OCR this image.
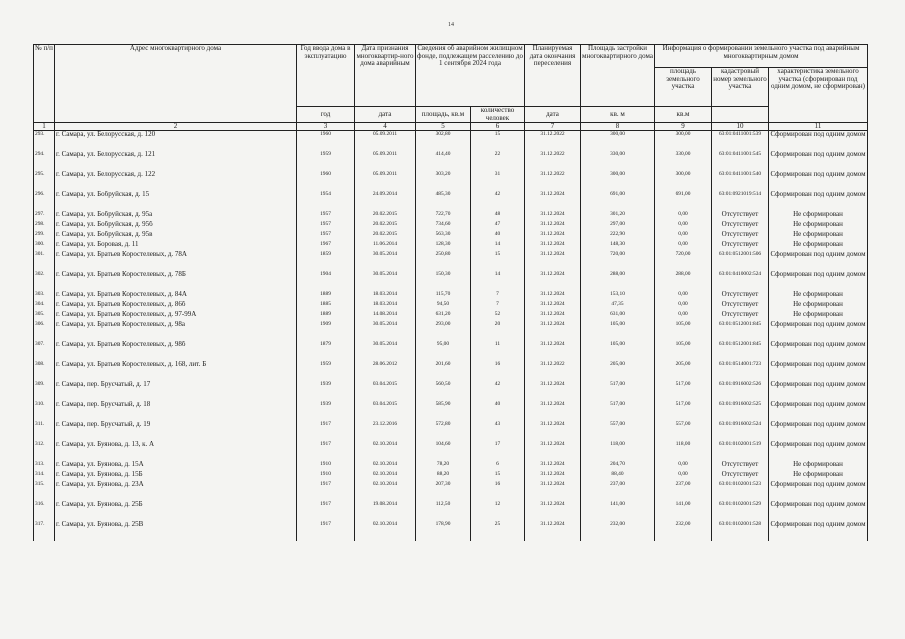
14
№ п/п	Адрес многоквартирного дома	Год ввода дома в эксплуатацию	Дата признания многоквартир-ного дома аварийным	Сведения об аварийном жилищном фонде, подлежащем расселению до 1 сентября 2024 года		Планируемая дата окончания переселения	Площадь застройки многоквартирного дома	Информация о формировании земельного участка под аварийным многоквартирным домом		
								площадь земельного участка	кадастровый номер земельного участка	характеристика земельного участка (сформирован под одним домом, не сформирован)
		год	дата	площадь, кв.м	количество человек	дата	кв. м	кв.м		
1	2	3	4	5	6	7	8	9	10	11
293.	г. Самара, ул. Белорусская, д. 120	1960	05.09.2011	302,80	15	31.12.2022	300,00	300,00	63:01:0411001:539	Сформирован под одним домом
294.	г. Самара, ул. Белорусская, д. 121	1959	05.09.2011	414,40	22	31.12.2022	330,00	330,00	63:01:0411001:545	Сформирован под одним домом
295.	г. Самара, ул. Белорусская, д. 122	1960	05.09.2011	303,20	31	31.12.2022	300,00	300,00	63:01:0411001:540	Сформирован под одним домом
296.	г. Самара, ул. Бобруйская, д. 15	1954	24.09.2014	485,30	42	31.12.2024	691,00	691,00	63:01:0921019:514	Сформирован под одним домом
297.	г. Самара, ул. Бобруйская, д. 95а	1957	20.02.2015	722,70	48	31.12.2024	301,20	0,00	Отсутствует	Не сформирован
298.	г. Самара, ул. Бобруйская, д. 95б	1957	20.02.2015	734,60	47	31.12.2024	297,00	0,00	Отсутствует	Не сформирован
299.	г. Самара, ул. Бобруйская, д. 95в	1957	20.02.2015	563,30	40	31.12.2024	222,90	0,00	Отсутствует	Не сформирован
300.	г. Самара, ул. Боровая, д. 11	1967	11.06.2014	128,30	14	31.12.2024	148,30	0,00	Отсутствует	Не сформирован
301.	г. Самара, ул. Братьев Коростелевых, д. 78А	1859	30.05.2014	250,80	15	31.12.2024	720,00	720,00	63:01:0512001:506	Сформирован под одним домом
302.	г. Самара, ул. Братьев Коростелевых, д. 78Б	1904	30.05.2014	150,30	14	31.12.2024	288,00	288,00	63:01:0410002:524	Сформирован под одним домом
303.	г. Самара, ул. Братьев Коростелевых, д. 84А	1889	18.03.2014	115,70	7	31.12.2024	153,10	0,00	Отсутствует	Не сформирован
304.	г. Самара, ул. Братьев Коростелевых, д. 86б	1885	18.03.2014	94,50	7	31.12.2024	47,35	0,00	Отсутствует	Не сформирован
305.	г. Самара, ул. Братьев Коростелевых, д. 97-99А	1889	14.08.2014	631,20	52	31.12.2024	631,00	0,00	Отсутствует	Не сформирован
306.	г. Самара, ул. Братьев Коростелевых, д. 98а	1909	30.05.2014	293,00	20	31.12.2024	105,00	105,00	63:01:0512001:845	Сформирован под одним домом
307.	г. Самара, ул. Братьев Коростелевых, д. 98б	1879	30.05.2014	95,00	11	31.12.2024	105,00	105,00	63:01:0512001:845	Сформирован под одним домом
308.	г. Самара, ул. Братьев Коростелевых, д. 168, лит. Б	1959	28.06.2012	201,60	16	31.12.2022	205,00	205,00	63:01:0514001:723	Сформирован под одним домом
309.	г. Самара, пер. Брусчатый, д. 17	1939	03.04.2015	560,50	42	31.12.2024	517,00	517,00	63:01:0916002:526	Сформирован под одним домом
310.	г. Самара, пер. Брусчатый, д. 18	1939	03.04.2015	585,90	40	31.12.2024	517,00	517,00	63:01:0916002:525	Сформирован под одним домом
311.	г. Самара, пер. Брусчатый, д. 19	1917	23.12.2016	572,80	43	31.12.2024	557,00	557,00	63:01:0916002:524	Сформирован под одним домом
312.	г. Самара, ул. Буянова, д. 13, к. А	1917	02.10.2014	104,60	17	31.12.2024	118,00	118,00	63:01:0102001:519	Сформирован под одним домом
313.	г. Самара, ул. Буянова, д. 15А	1910	02.10.2014	78,20	6	31.12.2024	204,70	0,00	Отсутствует	Не сформирован
314.	г. Самара, ул. Буянова, д. 15Б	1910	02.10.2014	88,20	15	31.12.2024	88,40	0,00	Отсутствует	Не сформирован
315.	г. Самара, ул. Буянова, д. 23А	1917	02.10.2014	207,30	16	31.12.2024	237,00	237,00	63:01:0102001:523	Сформирован под одним домом
316.	г. Самара, ул. Буянова, д. 25Б	1917	19.08.2014	112,50	12	31.12.2024	141,00	141,00	63:01:0102001:529	Сформирован под одним домом
317.	г. Самара, ул. Буянова, д. 25В	1917	02.10.2014	178,90	25	31.12.2024	232,00	232,00	63:01:0102001:528	Сформирован под одним домом
